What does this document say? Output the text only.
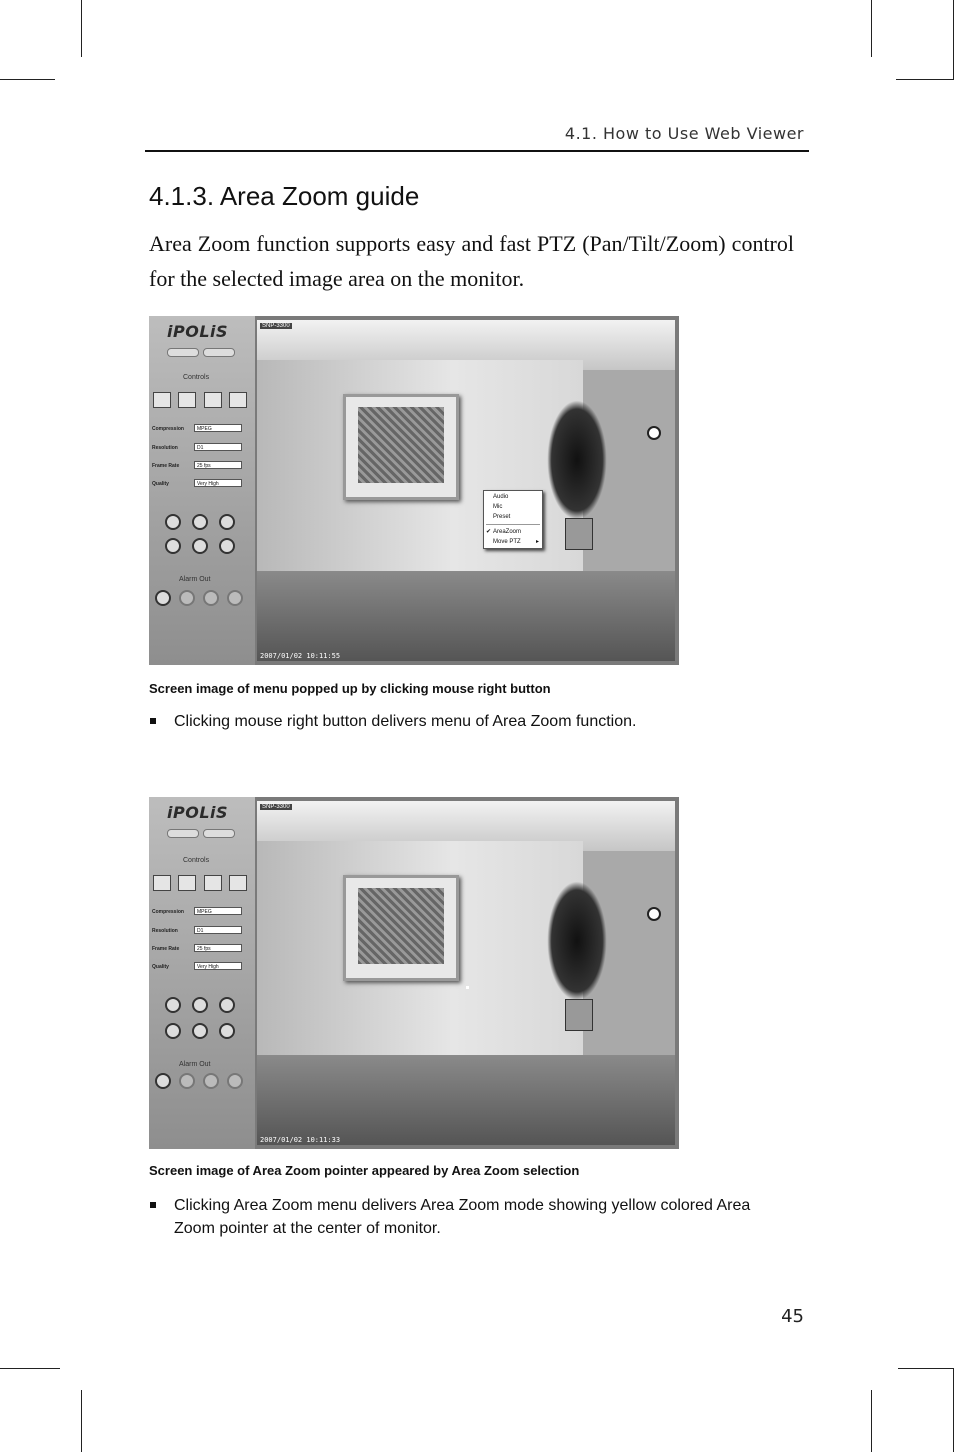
4.1. How to Use Web Viewer
4.1.3. Area Zoom guide
Area Zoom function supports easy and fast PTZ (Pan/Tilt/Zoom) control for the selected image area on the monitor.
iPOLiS
Controls
Compression	MPEG
Resolution	D1
Frame Rate	25 fps
Quality	Very High
Alarm Out
SNP-3300
2007/01/02 10:11:55
Audio
Mic
Preset
✔ AreaZoom
Move PTZ	▸
Screen image of menu popped up by clicking mouse right button
Clicking mouse right button delivers menu of Area Zoom function.
iPOLiS
Controls
Compression	MPEG
Resolution	D1
Frame Rate	25 fps
Quality	Very High
Alarm Out
SNP-3300
2007/01/02 10:11:33
Screen image of Area Zoom pointer appeared by Area Zoom selection
Clicking Area Zoom menu delivers Area Zoom mode showing yellow colored Area Zoom pointer at the center of monitor.
45
